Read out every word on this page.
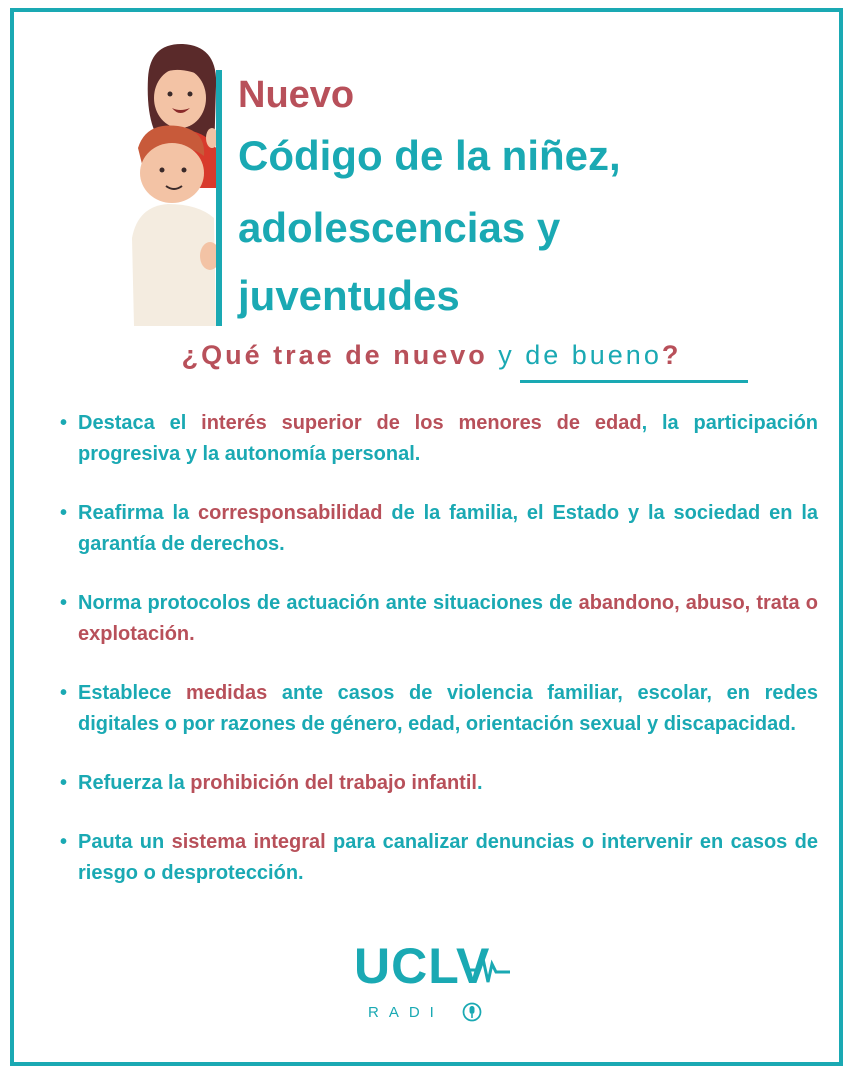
Nuevo
Código de la niñez,
adolescencias y
juventudes
¿Qué trae de nuevo y de bueno?
• Destaca el interés superior de los menores de edad, la participación progresiva y la autonomía personal.
• Reafirma la corresponsabilidad de la familia, el Estado y la sociedad en la garantía de derechos.
• Norma protocolos de actuación ante situaciones de abandono, abuso, trata o explotación.
• Establece medidas ante casos de violencia familiar, escolar, en redes digitales o por razones de género, edad, orientación sexual y discapacidad.
• Refuerza la prohibición del trabajo infantil.
• Pauta un sistema integral para canalizar denuncias o intervenir en casos de riesgo o desprotección.
UCLV
RADI
